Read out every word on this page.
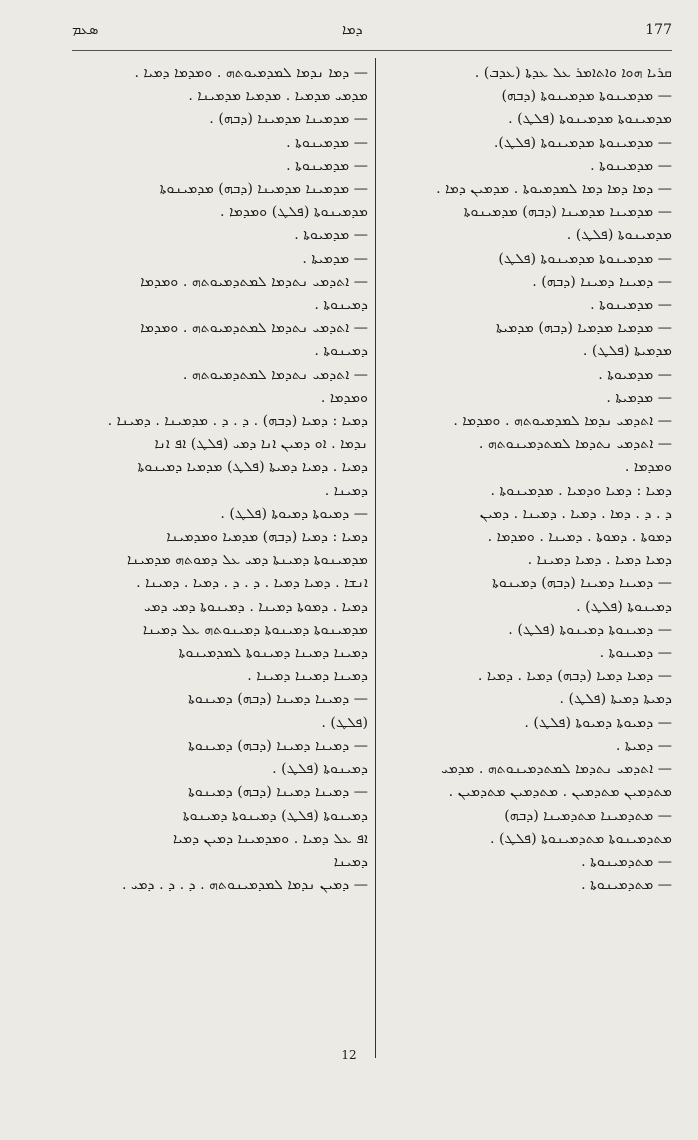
ܣܥܡ	ܕܡܐ	177
ܩܪܝܐ ܗܘܐ ܘܐܬܐܡܪ ܥܠ ܥܕܬܐ (ܥܕܒ) .
— ܡܕܡܝܢܘܬܐ ܡܕܡܝܢܘܬܐ (ܕܒܗ)
ܡܕܡܝܢܘܬܐ ܡܕܡܝܢܘܬܐ (ܦܠܛ) .
— ܡܕܡܝܢܘܬܐ ܡܕܡܝܢܘܬܐ (ܦܠܛ).
— ܡܕܡܝܢܘܬܐ .
— ܕܡܐ ܕܡܐ ܕܡܐ ܠܡܕܡܝܘܬܐ . ܡܕܡܝܢ ܕܡܐ .
— ܡܕܡܝܢܐ ܡܕܡܝܢܐ (ܕܒܗ) ܡܕܡܝܢܘܬܐ
ܡܕܡܝܢܘܬܐ (ܦܠܛ) .
— ܡܕܡܝܢܘܬܐ ܡܕܡܝܢܘܬܐ (ܦܠܛ)
— ܕܡܝܢܐ ܕܡܝܢܐ (ܕܒܗ) .
— ܡܕܡܝܢܘܬܐ .
— ܡܕܡܝܐ ܡܕܡܝܐ (ܕܒܗ) ܡܕܡܝܬܐ
ܡܕܡܝܬܐ (ܦܠܛ) .
— ܡܕܡܝܘܬܐ .
— ܡܕܡܝܬܐ .
— ܐܬܕܡܝ ܢܕܡܐ ܠܡܕܡܝܘܬܗ . ܘܡܕܡܐ .
— ܐܬܕܡܝ ܢܬܕܡܐ ܠܡܬܕܡܝܢܘܬܗ .
ܘܡܕܡܐ .
ܕܡܝܐ : ܕܡܝܐ ܘܕܡܝܐ . ܡܕܡܝܢܘܬܐ .
ܕ . ܕ . ܕܡܐ . ܕܡܝܐ . ܕܡܝܢܐ . ܕܡܝܢ
ܕܡܘܬܐ . ܕܡܘܬܐ . ܕܡܝܢܐ . ܘܡܕܡܐ .
ܕܡܝܐ ܕܡܝܐ . ܕܡܝܐ ܕܡܝܢܐ .
— ܕܡܝܢܐ ܕܡܝܢܐ (ܕܒܗ) ܕܡܝܢܘܬܐ
ܕܡܝܢܘܬܐ (ܦܠܛ) .
— ܕܡܝܢܘܬܐ ܕܡܝܢܘܬܐ (ܦܠܛ) .
— ܕܡܝܢܘܬܐ .
— ܕܡܝܐ ܕܡܝܐ (ܕܒܗ) ܕܡܝܐ . ܕܡܝܐ .
ܕܡܝܬܐ ܕܡܝܬܐ (ܦܠܛ) .
— ܕܡܝܘܬܐ ܕܡܝܘܬܐ (ܦܠܛ) .
— ܕܡܝܬܐ .
— ܐܬܕܡܝ ܢܬܕܡܐ ܠܡܬܕܡܝܢܘܬܗ . ܡܕܡܝ
ܡܬܕܡܝܢ ܡܬܕܡܝܢ . ܡܬܕܡܝܢ ܡܬܕܡܝܢ .
— ܡܬܕܡܝܢܐ ܡܬܕܡܝܢܐ (ܕܒܗ)
ܡܬܕܡܝܢܘܬܐ ܡܬܕܡܝܢܘܬܐ (ܦܠܛ) .
— ܡܬܕܡܝܢܘܬܐ .
— ܡܬܕܡܝܢܘܬܐ .
— ܕܡܐ ܢܕܡܐ ܠܡܕܡܝܘܬܗ . ܘܡܕܡܐ ܕܡܝܐ .
ܡܕܡܝ ܡܕܡܝܐ . ܡܕܡܝܐ ܡܕܡܝܢܐ .
— ܡܕܡܝܢܐ ܡܕܡܝܢܐ (ܕܒܗ) .
— ܡܕܡܝܢܘܬܐ .
— ܡܕܡܝܢܘܬܐ .
— ܡܕܡܝܢܐ ܡܕܡܝܢܐ (ܕܒܗ) ܡܕܡܝܢܘܬܐ
ܡܕܡܝܢܘܬܐ (ܦܠܛ) ܘܡܕܡܐ .
— ܡܕܡܝܘܬܐ .
— ܡܕܡܝܬܐ .
— ܐܬܕܡܝ ܢܬܕܡܐ ܠܡܬܕܡܝܘܬܗ . ܘܡܕܡܐ
ܕܡܝܢܘܬܐ .
— ܐܬܕܡܝ ܢܬܕܡܐ ܠܡܬܕܡܝܘܬܗ . ܘܡܕܡܐ
ܕܡܝܢܘܬܐ .
— ܐܬܕܡܝ ܢܬܕܡܐ ܠܡܬܕܡܝܘܬܗ .
ܘܡܕܡܐ .
ܕܡܝܐ : ܕܡܝܐ (ܕܒܗ) . ܕ . ܕ . ܡܕܡܝܢܐ . ܕܡܝܢܐ .
ܢܕܡܐ . ܐܘ ܕܡܝܢ ܐܢܐ ܕܡܝ (ܦܠܛ) ܐܦ ܐܢܐ
ܕܡܝܐ . ܕܡܝܐ ܕܡܝܬܐ (ܦܠܛ) ܡܕܡܝܐ ܕܡܝܢܘܬܐ
ܕܡܝܢܐ .
— ܕܡܝܘܬܐ ܕܡܝܘܬܐ (ܦܠܛ) .
ܕܡܝܐ : ܕܡܝܐ (ܕܒܗ) ܡܕܡܝܐ ܘܡܕܡܝܢܐ
ܡܕܡܝܢܘܬܐ ܕܡܝܢܬܐ ܕܡܝ ܥܠ ܕܡܘܬܗ ܡܕܡܝܢܐ
ܐܢܫܐ . ܕܡܝܐ ܕܡܝܐ . ܕ . ܕ . ܕܡܝܐ . ܕܡܝܢܐ .
ܕܡܝܐ . ܕܡܘܬܐ ܕܡܝܢܐ . ܕܡܝܢܘܬܐ ܕܡܝ ܕܡܝ
ܡܕܡܝܢܘܬܐ ܕܡܝܢܘܬܐ ܕܡܝܢܘܬܗ ܥܠ ܕܡܝܢܐ
ܕܡܝܢܐ ܕܡܝܢܐ ܕܡܝܢܘܬܐ ܠܡܕܡܝܢܘܬܐ
ܕܡܝܢܐ ܕܡܝܢܐ ܕܡܝܢܐ .
— ܕܡܝܢܐ ܕܡܝܢܐ (ܕܒܗ) ܕܡܝܢܘܬܐ
(ܦܠܛ) .
— ܕܡܝܢܐ ܕܡܝܢܐ (ܕܒܗ) ܕܡܝܢܘܬܐ
ܕܡܝܢܘܬܐ (ܦܠܛ) .
— ܕܡܝܢܐ ܕܡܝܢܐ (ܕܒܗ) ܕܡܝܢܘܬܐ
ܕܡܝܢܘܬܐ (ܦܠܛ) ܕܡܝܢܘܬܐ ܕܡܝܢܘܬܐ
ܐܦ ܥܠ ܕܡܝܐ . ܘܡܕܡܝܢܐ ܕܡܝܢ ܕܡܝܐ
ܕܡܝܢܐ
— ܕܡܝܢ ܢܕܡܐ ܠܡܕܡܝܢܘܬܗ . ܕ . ܕ . ܕܡܝ .
12
